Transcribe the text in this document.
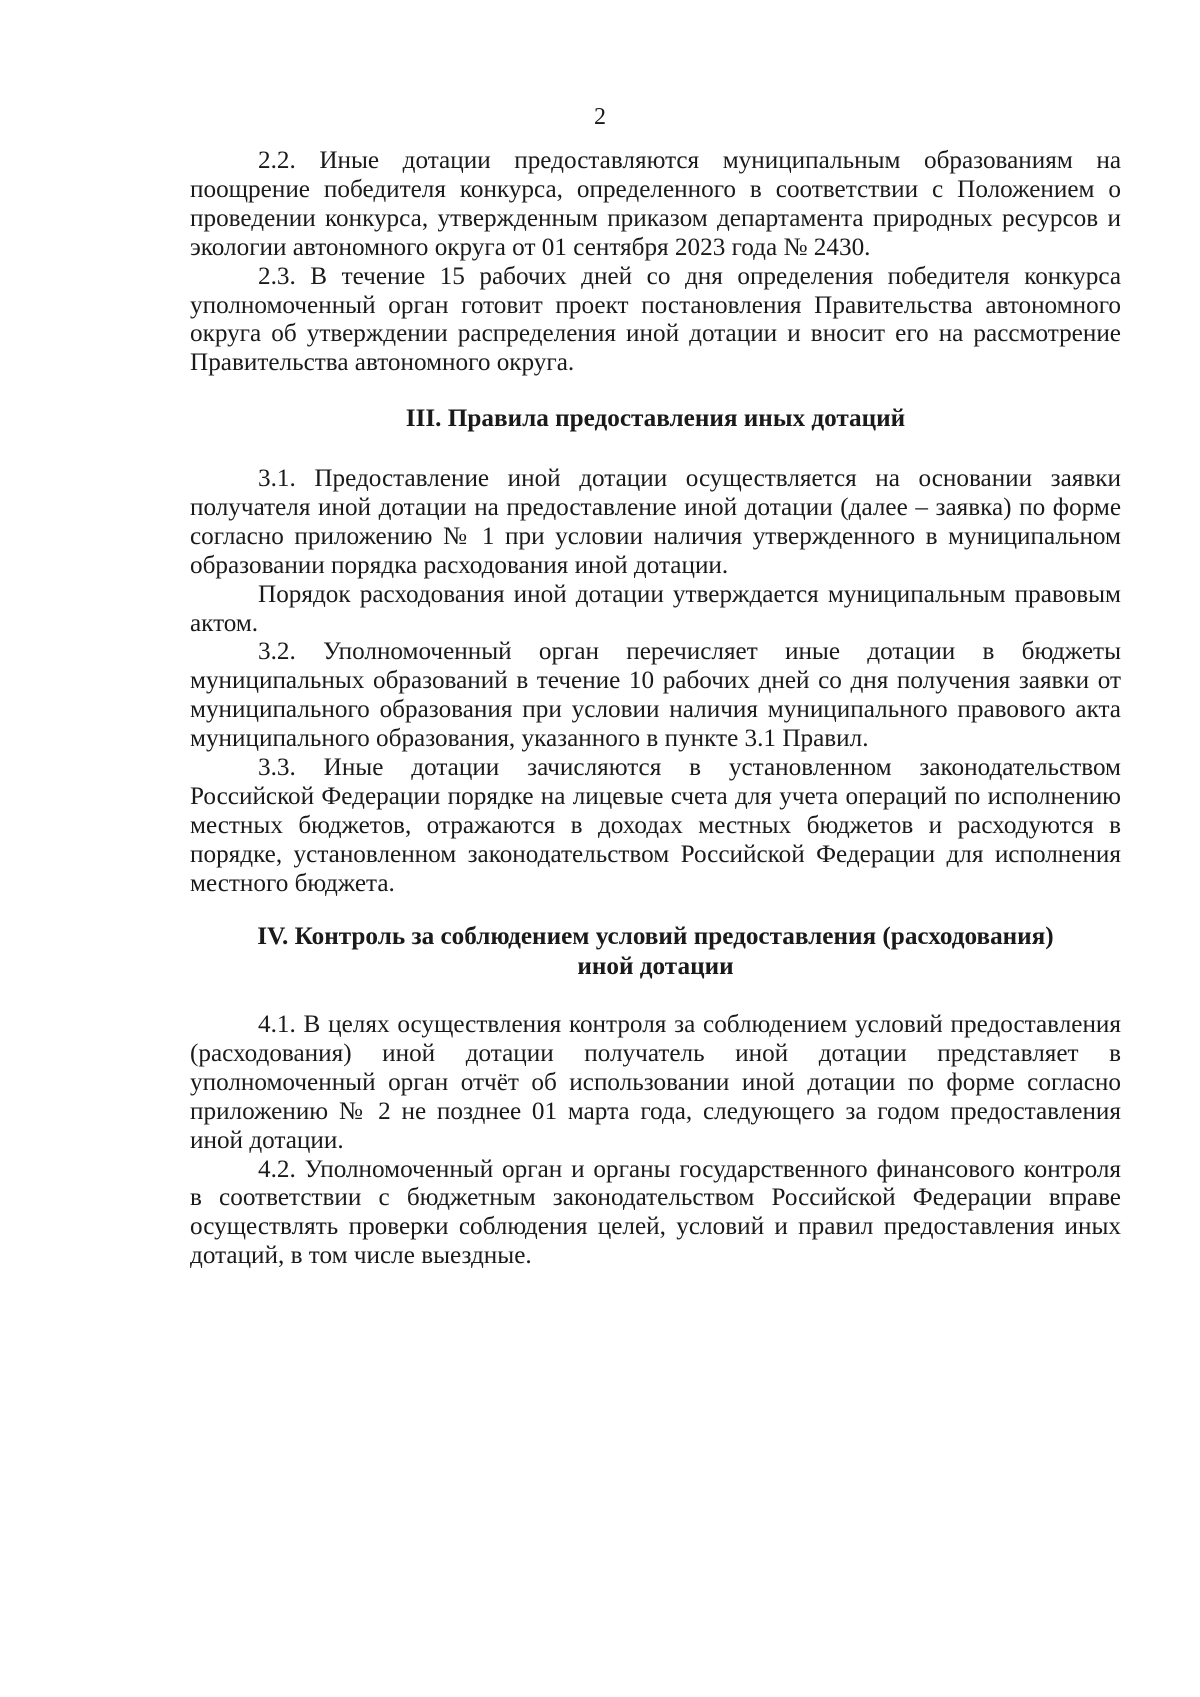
2

2.2. Иные дотации предоставляются муниципальным образованиям на поощрение победителя конкурса, определенного в соответствии с Положением о проведении конкурса, утвержденным приказом департамента природных ресурсов и экологии автономного округа от 01 сентября 2023 года № 2430.

2.3. В течение 15 рабочих дней со дня определения победителя конкурса уполномоченный орган готовит проект постановления Правительства автономного округа об утверждении распределения иной дотации и вносит его на рассмотрение Правительства автономного округа.

III. Правила предоставления иных дотаций

3.1. Предоставление иной дотации осуществляется на основании заявки получателя иной дотации на предоставление иной дотации (далее – заявка) по форме согласно приложению № 1 при условии наличия утвержденного в муниципальном образовании порядка расходования иной дотации.

Порядок расходования иной дотации утверждается муниципальным правовым актом.

3.2. Уполномоченный орган перечисляет иные дотации в бюджеты муниципальных образований в течение 10 рабочих дней со дня получения заявки от муниципального образования при условии наличия муниципального правового акта муниципального образования, указанного в пункте 3.1 Правил.

3.3. Иные дотации зачисляются в установленном законодательством Российской Федерации порядке на лицевые счета для учета операций по исполнению местных бюджетов, отражаются в доходах местных бюджетов и расходуются в порядке, установленном законодательством Российской Федерации для исполнения местного бюджета.

IV. Контроль за соблюдением условий предоставления (расходования)
иной дотации

4.1. В целях осуществления контроля за соблюдением условий предоставления (расходования) иной дотации получатель иной дотации представляет в уполномоченный орган отчёт об использовании иной дотации по форме согласно приложению № 2 не позднее 01 марта года, следующего за годом предоставления иной дотации.

4.2. Уполномоченный орган и органы государственного финансового контроля в соответствии с бюджетным законодательством Российской Федерации вправе осуществлять проверки соблюдения целей, условий и правил предоставления иных дотаций, в том числе выездные.
